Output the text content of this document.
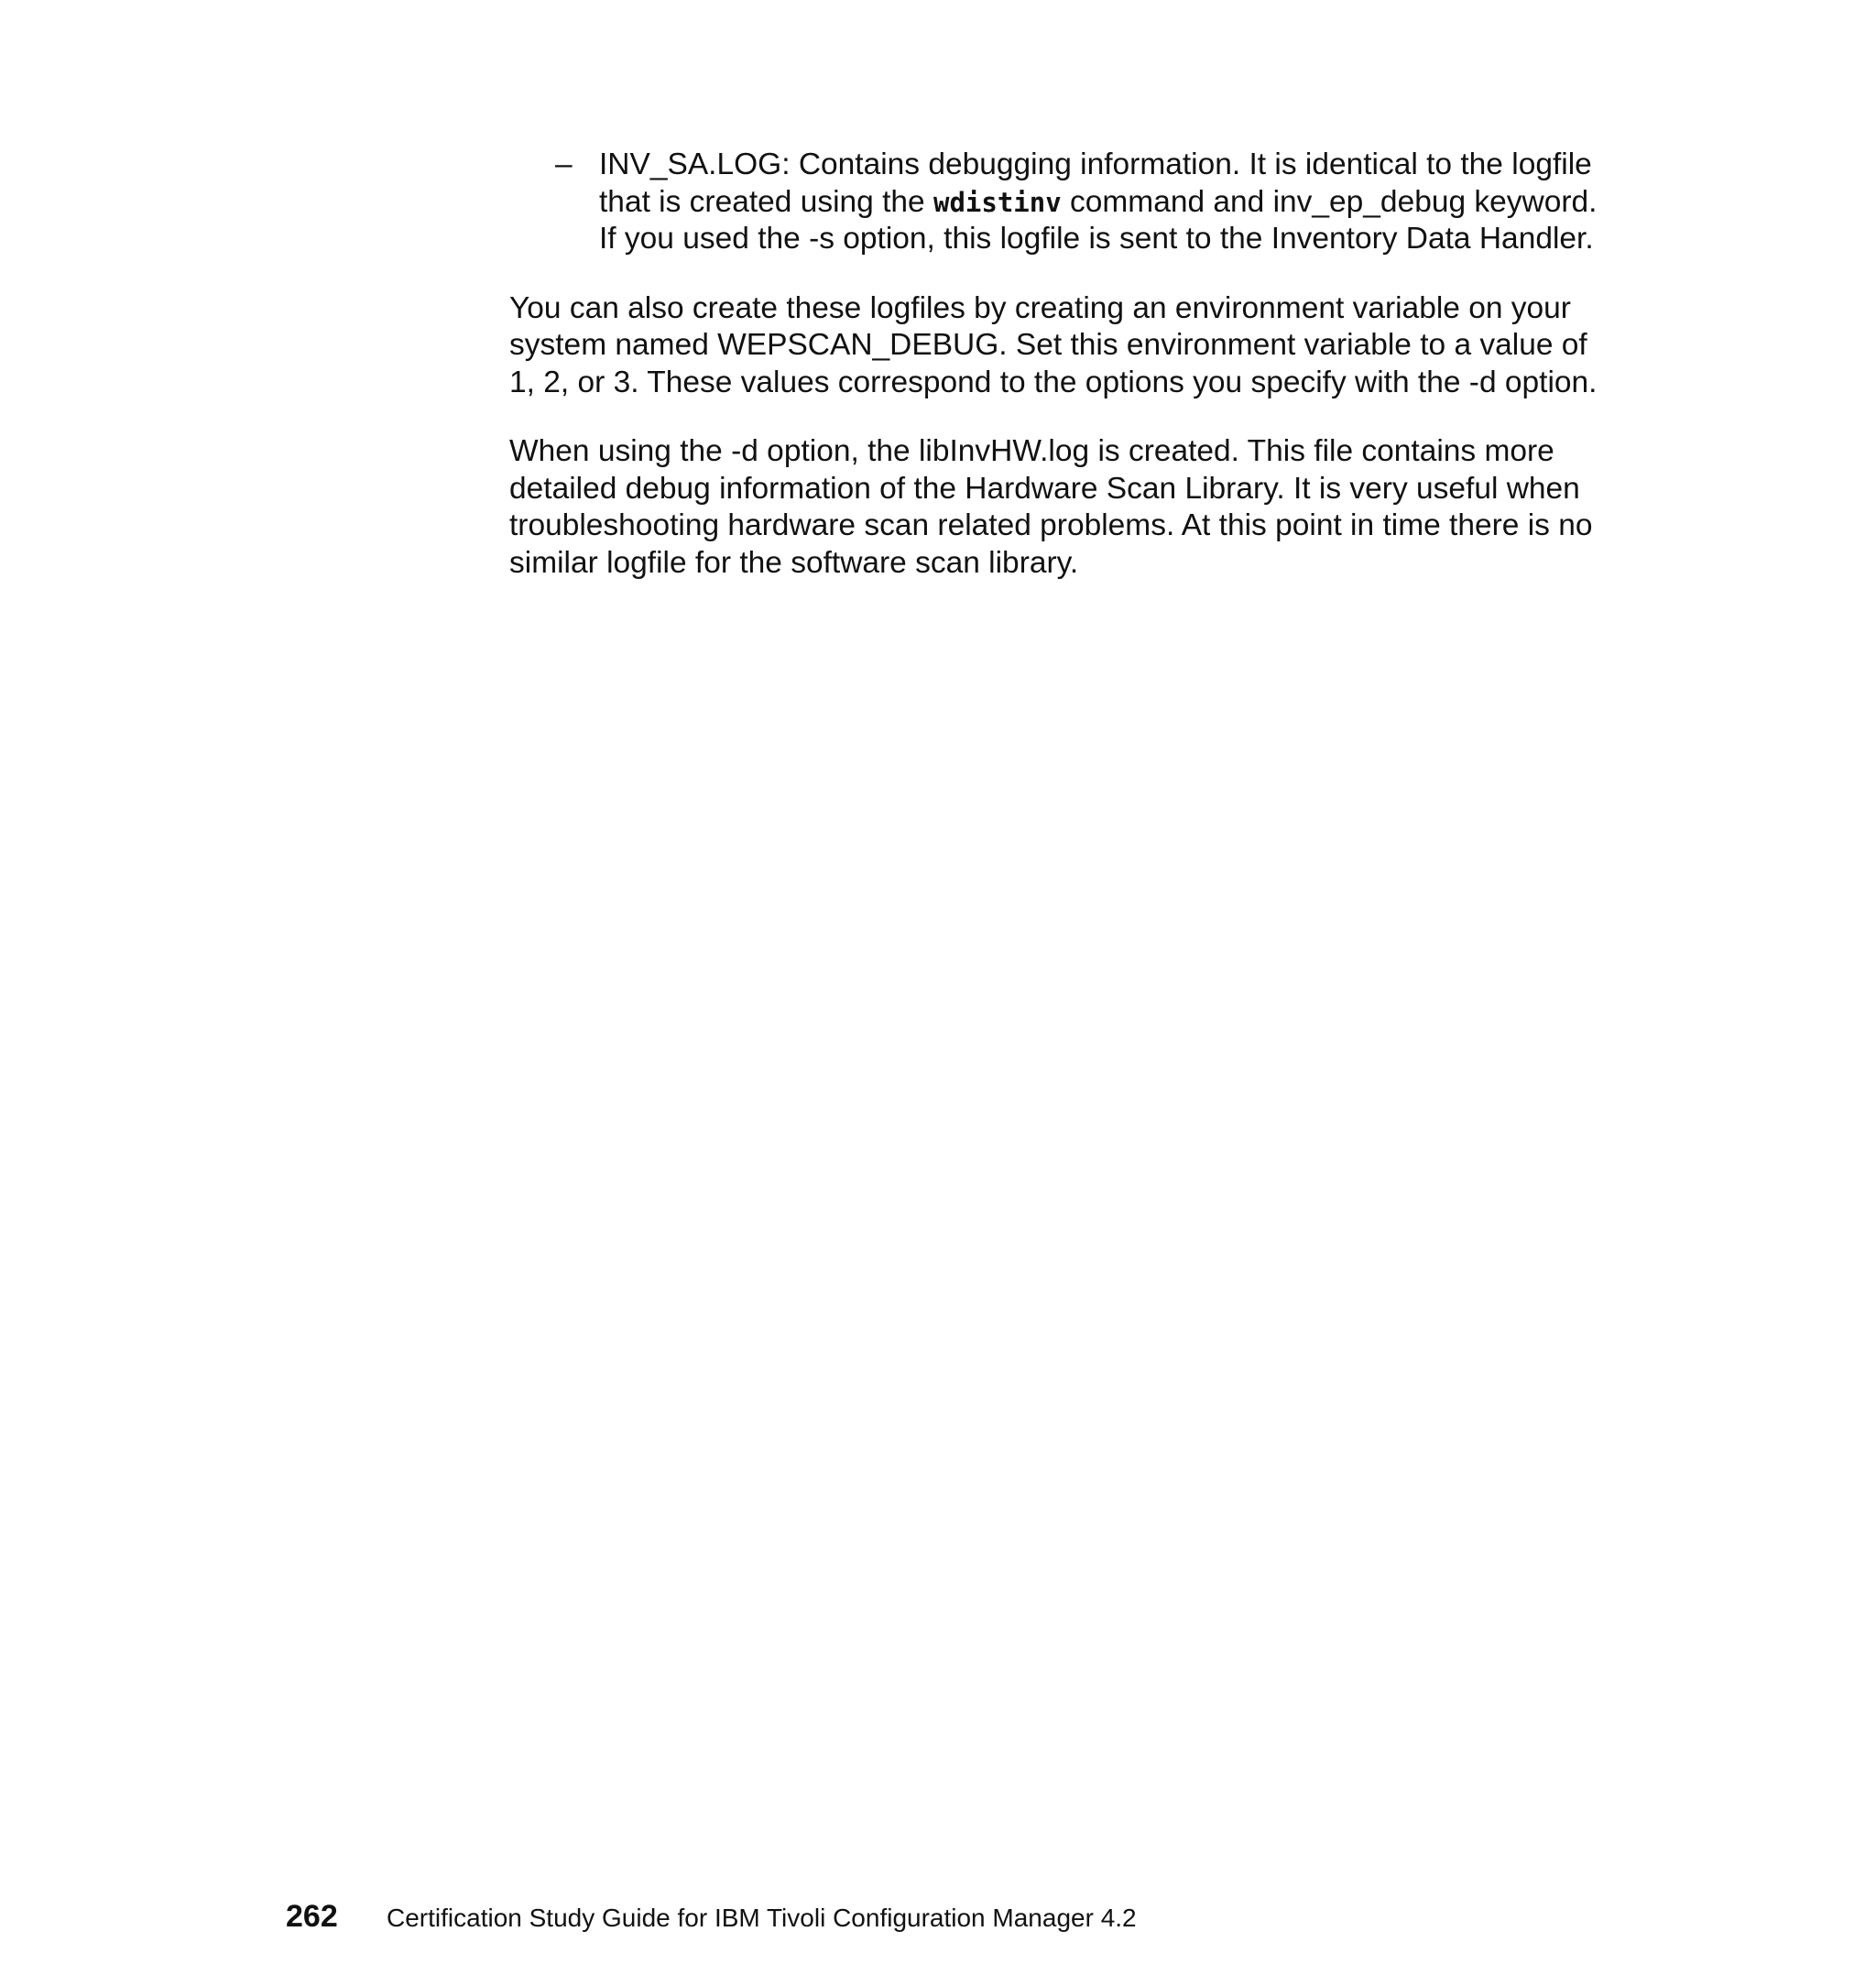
– INV_SA.LOG: Contains debugging information. It is identical to the logfile that is created using the wdistinv command and inv_ep_debug keyword. If you used the -s option, this logfile is sent to the Inventory Data Handler.

You can also create these logfiles by creating an environment variable on your system named WEPSCAN_DEBUG. Set this environment variable to a value of 1, 2, or 3. These values correspond to the options you specify with the -d option.

When using the -d option, the libInvHW.log is created. This file contains more detailed debug information of the Hardware Scan Library. It is very useful when troubleshooting hardware scan related problems. At this point in time there is no similar logfile for the software scan library.

262 Certification Study Guide for IBM Tivoli Configuration Manager 4.2
